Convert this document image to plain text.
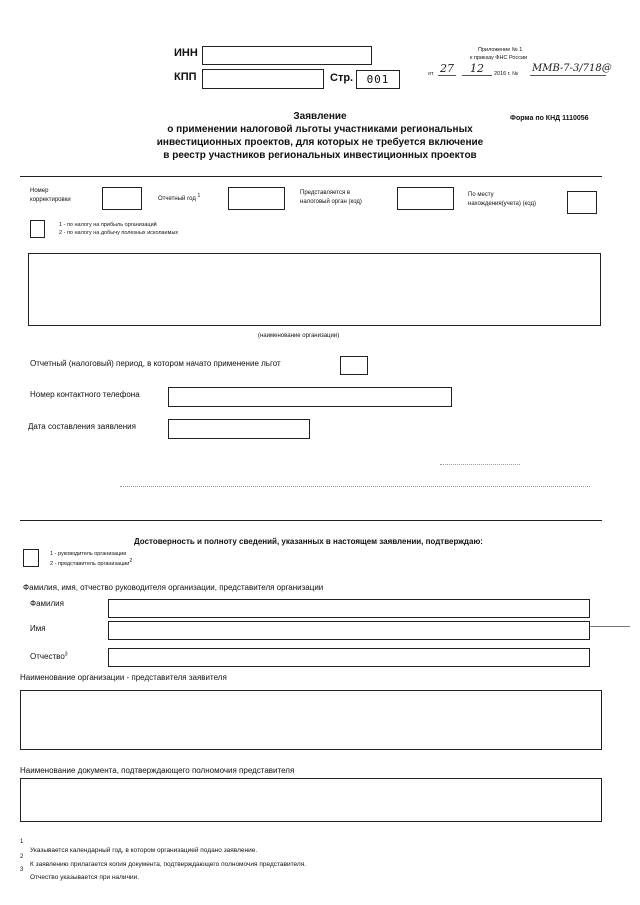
ИНН
КПП	Стр.	001
Приложение № 1
к приказу ФНС России
от 27 12 2016 г. № ММВ-7-3/718@
Заявление
о применении налоговой льготы участниками региональных
инвестиционных проектов, для которых не требуется включение
в реестр участников региональных инвестиционных проектов
Форма по КНД 1110056
Номер
корректировки	Отчетный год $^1$	Представляется в
налоговый орган (код)
По месту
нахождения(учета) (код)
1 - по налогу на прибыль организаций
2 - по налогу на добычу полезных ископаемых
(наименование организации)
Отчетный (налоговый) период, в котором начато применение льгот
Номер контактного телефона
Дата составления заявления
Достоверность и полноту сведений, указанных в настоящем заявлении, подтверждаю:
1 - руководитель организации
2 - представитель организации$^2$
Фамилия, имя, отчество руководителя организации, представителя организации
Фамилия
Имя
Отчество$^3$
Наименование организации - представителя заявителя
Наименование документа, подтверждающего полномочия представителя
1
Указывается календарный год, в котором организацией подано заявление.
2
К заявлению прилагается копия документа, подтверждающего полномочия представителя.
3
Отчество указывается при наличии.
